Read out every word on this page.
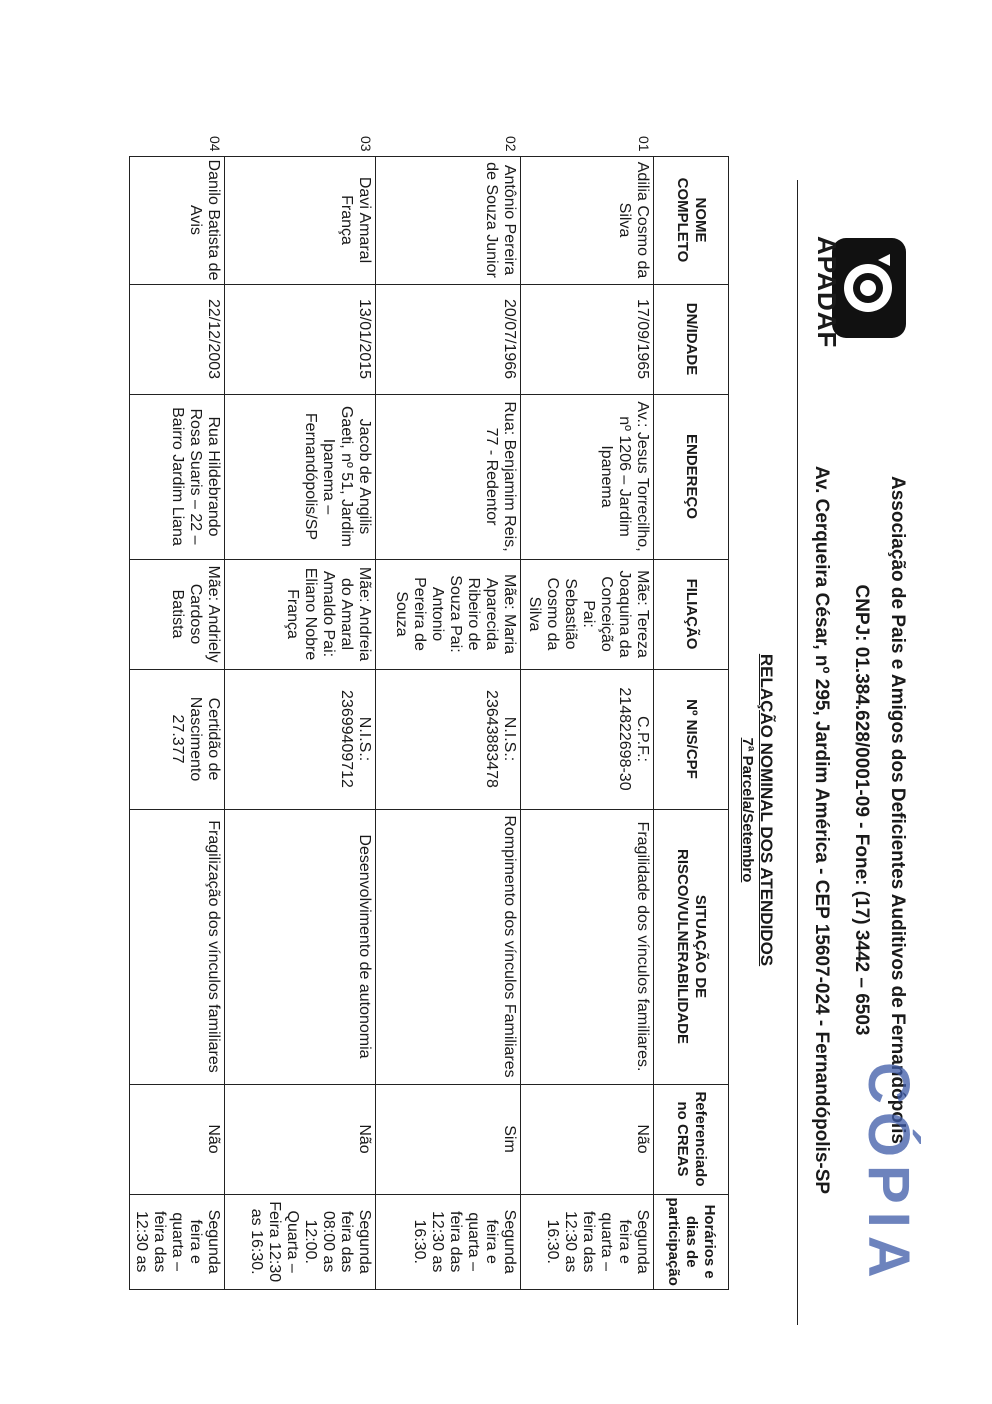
APADAF
Associação de Pais e Amigos dos Deficientes Auditivos de Fernandópolis
CNPJ: 01.384.628/0001-09 - Fone: (17) 3442 – 6503
Av. Cerqueira César, nº 295, Jardim América - CEP 15607-024 - Fernandópolis-SP
RELAÇÃO NOMINAL DOS ATENDIDOS
7ª Parcela/Setembro
	NOME COMPLETO	DN/IDADE	ENDEREÇO	FILIAÇÃO	Nº NIS/CPF	SITUAÇÃO DE RISCO/VULNERABILIDADE	Referenciado no CREAS	Horários e dias de participação
01	Adilia Cosmo da Silva	17/09/1965	Av.: Jesus Torrecilho, nº 1206 – Jardim Ipanema	Mãe: Tereza Joaquina da Conceição Pai: Sebastião Cosmo da Silva	C.P.F.: 214822698-30	Fragilidade dos vínculos familiares.	Não	Segunda feira e quarta – feira das 12:30 as 16:30.
02	Antônio Pereira de Souza Junior	20/07/1966	Rua: Benjamim Reis, 77 - Redentor	Mãe: Maria Aparecida Ribeiro de Souza Pai: Antonio Pereira de Souza	N.I.S.: 23643883478	Rompimento dos vínculos Familiares	Sim	Segunda feira e quarta – feira das 12:30 as 16:30.
03	Davi Amaral França	13/01/2015	Jacob de Angilis Gaeti, nº 51, Jardim Ipanema – Fernandópolis/SP	Mãe: Andreia do Amaral Amaldo Pai: Eliano Nobre França	N.I.S.: 23699409712	Desenvolvimento de autonomia	Não	Segunda feira das 08:00 as 12:00. Quarta – Feira 12:30 as 16:30.
04	Danilo Batista de Avis	22/12/2003	Rua Hildebrando Rosa Suaris – 22 – Bairro Jardim Liana	Mãe: Andriely Cardoso Batista	Certidão de Nascimento 27.377	Fragilização dos vínculos familiares	Não	Segunda feira e quarta – feira das 12:30 as	CÓPIA
